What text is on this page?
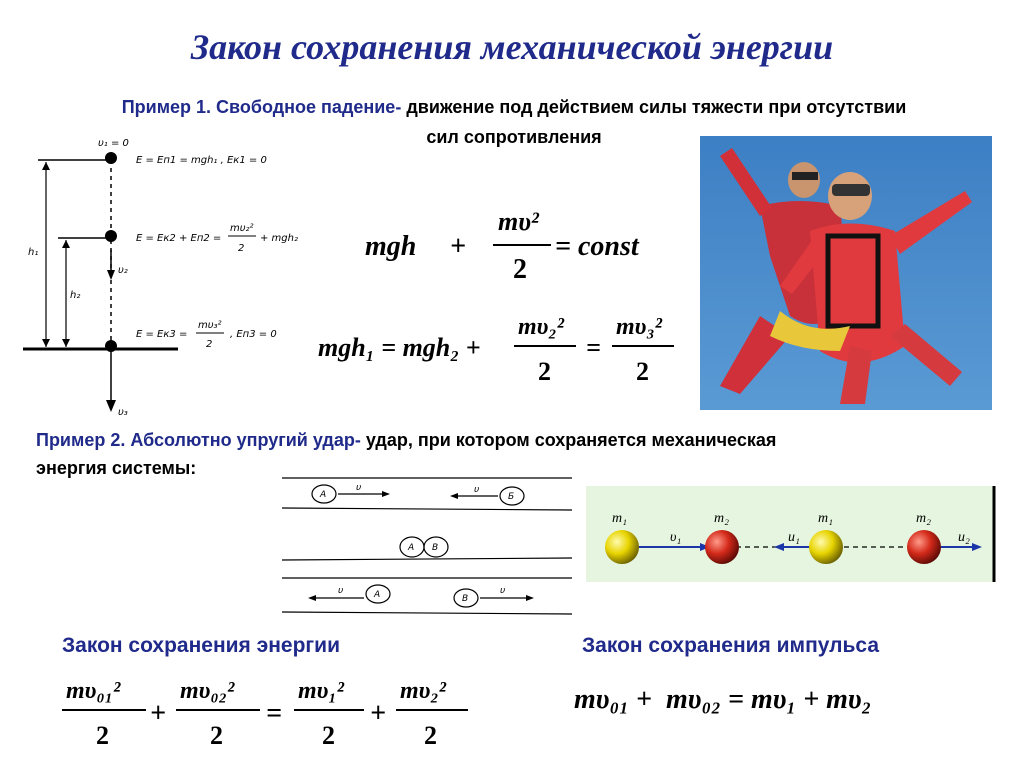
Закон сохранения механической энергии
Пример 1. Свободное падение- движение под действием силы тяжести при отсутствии
сил сопротивления
h₁
h₂
υ₁ = 0
υ₂
υ₃
E = Eп1 = mgh₁ , Eк1 = 0
E = Eк2 + Eп2 =
mυ₂²
2
+ mgh₂
E = Eк3 =
mυ₃²
2
, Eп3 = 0
mgh +
mυ²
2
= const
mgh₁ = mgh₂ +
mυ₂²
2
=
mυ₃²
2
Пример 2. Абсолютно упругий удар- удар, при котором сохраняется механическая
энергия системы:
A
υ
Б
υ
A B
A
υ
B
υ
m₁	m₂	m₁	m₂
υ₁	u₁	u₂
Закон сохранения энергии
mυ₀₁²
2
+
mυ₀₂²
2
=
mυ₁²
2
+
mυ₂²
2
Закон сохранения импульса
mυ₀₁ +  mυ₀₂ = mυ₁ + mυ₂
